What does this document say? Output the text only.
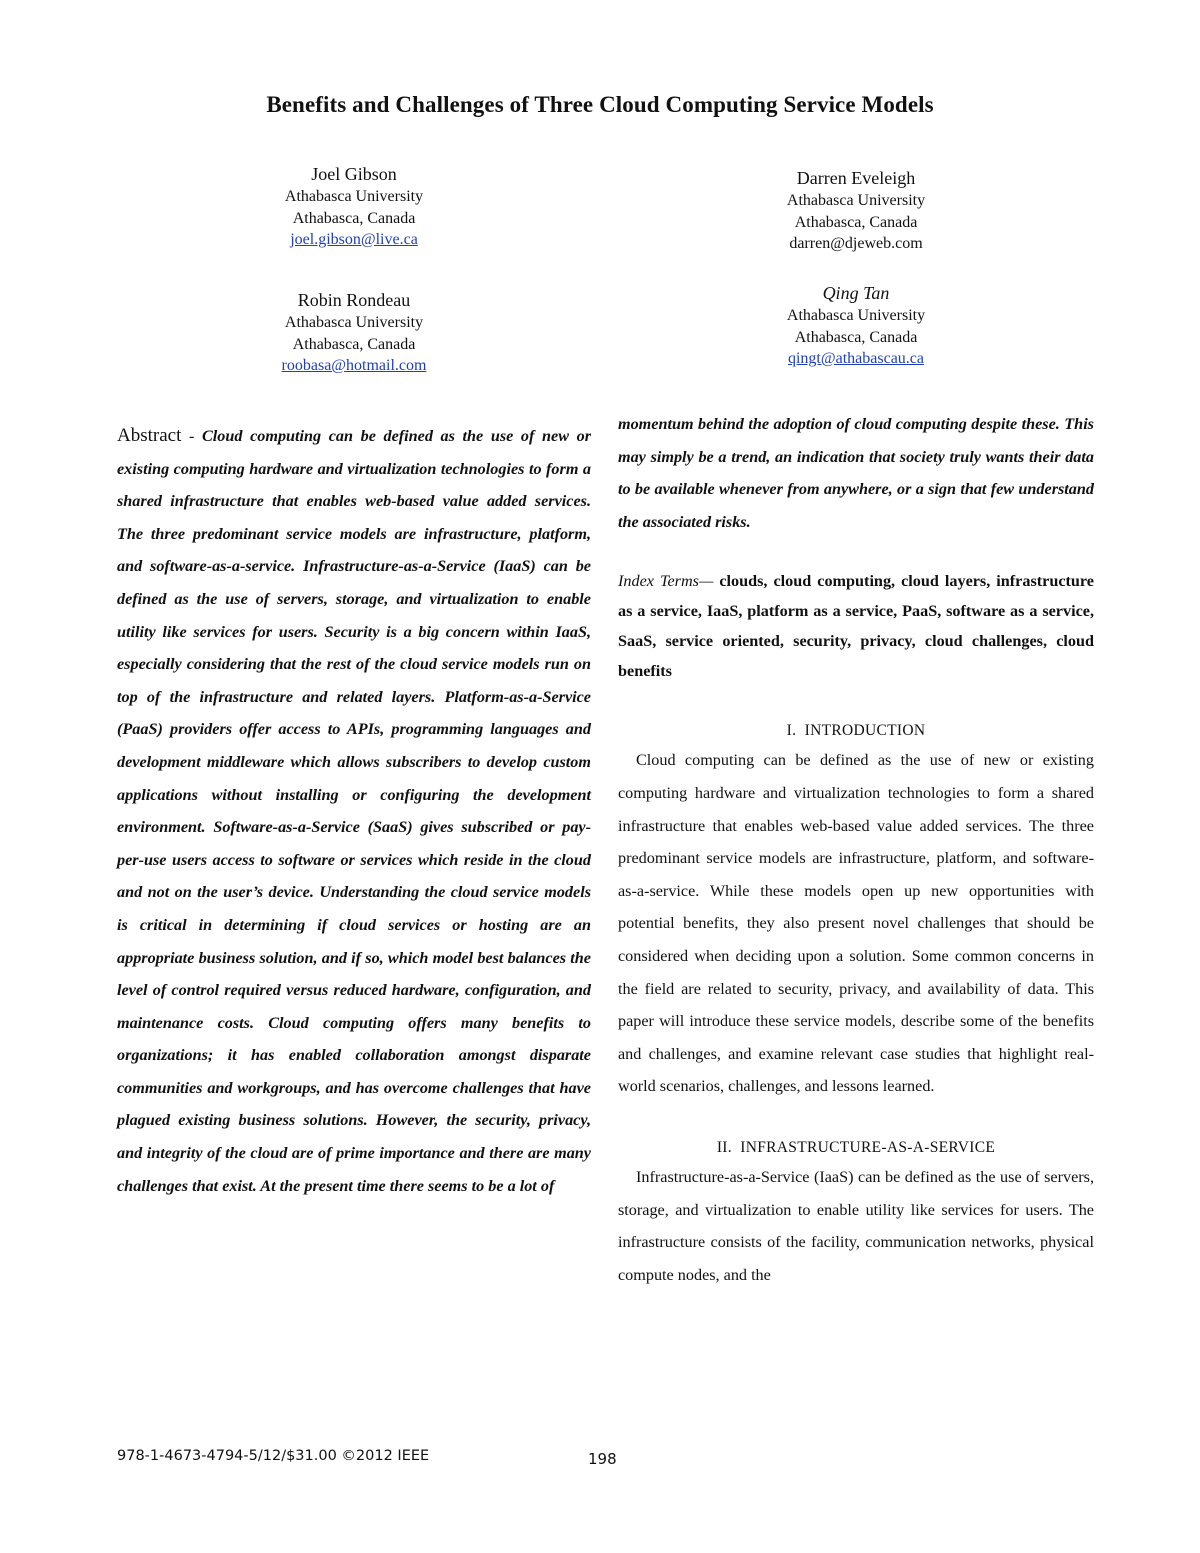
Benefits and Challenges of Three Cloud Computing Service Models
Joel Gibson
Athabasca University
Athabasca, Canada
joel.gibson@live.ca
Darren Eveleigh
Athabasca University
Athabasca, Canada
darren@djeweb.com
Robin Rondeau
Athabasca University
Athabasca, Canada
roobasa@hotmail.com
Qing Tan
Athabasca University
Athabasca, Canada
qingt@athabascau.ca

Abstract - Cloud computing can be defined as the use of new or existing computing hardware and virtualization technologies to form a shared infrastructure that enables web-based value added services. The three predominant service models are infrastructure, platform, and software-as-a-service. Infrastructure-as-a-Service (IaaS) can be defined as the use of servers, storage, and virtualization to enable utility like services for users. Security is a big concern within IaaS, especially considering that the rest of the cloud service models run on top of the infrastructure and related layers. Platform-as-a-Service (PaaS) providers offer access to APIs, programming languages and development middleware which allows subscribers to develop custom applications without installing or configuring the development environment. Software-as-a-Service (SaaS) gives subscribed or pay-per-use users access to software or services which reside in the cloud and not on the user’s device. Understanding the cloud service models is critical in determining if cloud services or hosting are an appropriate business solution, and if so, which model best balances the level of control required versus reduced hardware, configuration, and maintenance costs. Cloud computing offers many benefits to organizations; it has enabled collaboration amongst disparate communities and workgroups, and has overcome challenges that have plagued existing business solutions. However, the security, privacy, and integrity of the cloud are of prime importance and there are many challenges that exist. At the present time there seems to be a lot of

momentum behind the adoption of cloud computing despite these. This may simply be a trend, an indication that society truly wants their data to be available whenever from anywhere, or a sign that few understand the associated risks.

Index Terms— clouds, cloud computing, cloud layers, infrastructure as a service, IaaS, platform as a service, PaaS, software as a service, SaaS, service oriented, security, privacy, cloud challenges, cloud benefits

I. INTRODUCTION

Cloud computing can be defined as the use of new or existing computing hardware and virtualization technologies to form a shared infrastructure that enables web-based value added services. The three predominant service models are infrastructure, platform, and software-as-a-service. While these models open up new opportunities with potential benefits, they also present novel challenges that should be considered when deciding upon a solution. Some common concerns in the field are related to security, privacy, and availability of data. This paper will introduce these service models, describe some of the benefits and challenges, and examine relevant case studies that highlight real-world scenarios, challenges, and lessons learned.

II. INFRASTRUCTURE-AS-A-SERVICE

Infrastructure-as-a-Service (IaaS) can be defined as the use of servers, storage, and virtualization to enable utility like services for users. The infrastructure consists of the facility, communication networks, physical compute nodes, and the

978-1-4673-4794-5/12/$31.00 ©2012 IEEE	198
